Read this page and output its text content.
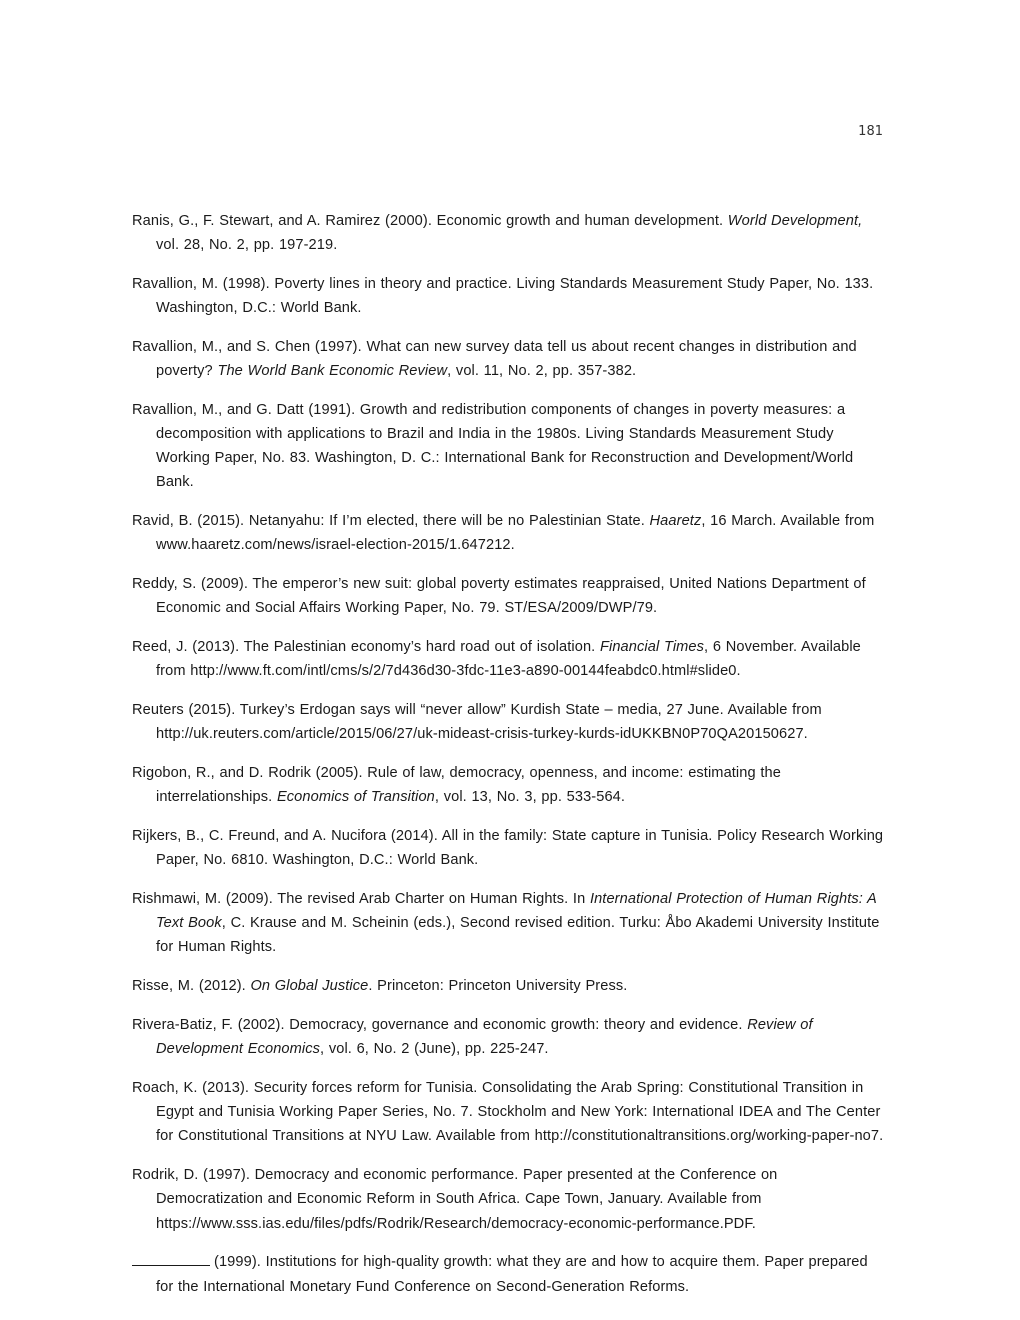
181

Ranis, G., F. Stewart, and A. Ramirez (2000). Economic growth and human development. World Development, vol. 28, No. 2, pp. 197-219.

Ravallion, M. (1998). Poverty lines in theory and practice. Living Standards Measurement Study Paper, No. 133. Washington, D.C.: World Bank.

Ravallion, M., and S. Chen (1997). What can new survey data tell us about recent changes in distribution and poverty? The World Bank Economic Review, vol. 11, No. 2, pp. 357-382.

Ravallion, M., and G. Datt (1991). Growth and redistribution components of changes in poverty measures: a decomposition with applications to Brazil and India in the 1980s. Living Standards Measurement Study Working Paper, No. 83. Washington, D. C.: International Bank for Reconstruction and Development/World Bank.

Ravid, B. (2015). Netanyahu: If I’m elected, there will be no Palestinian State. Haaretz, 16 March. Available from www.haaretz.com/news/israel-election-2015/1.647212.

Reddy, S. (2009). The emperor’s new suit: global poverty estimates reappraised, United Nations Department of Economic and Social Affairs Working Paper, No. 79. ST/ESA/2009/DWP/79.

Reed, J. (2013). The Palestinian economy’s hard road out of isolation. Financial Times, 6 November. Available from http://www.ft.com/intl/cms/s/2/7d436d30-3fdc-11e3-a890-00144feabdc0.html#slide0.

Reuters (2015). Turkey’s Erdogan says will “never allow” Kurdish State – media, 27 June. Available from http://uk.reuters.com/article/2015/06/27/uk-mideast-crisis-turkey-kurds-idUKKBN0P70QA20150627.

Rigobon, R., and D. Rodrik (2005). Rule of law, democracy, openness, and income: estimating the interrelationships. Economics of Transition, vol. 13, No. 3, pp. 533-564.

Rijkers, B., C. Freund, and A. Nucifora (2014). All in the family: State capture in Tunisia. Policy Research Working Paper, No. 6810. Washington, D.C.: World Bank.

Rishmawi, M. (2009). The revised Arab Charter on Human Rights. In International Protection of Human Rights: A Text Book, C. Krause and M. Scheinin (eds.), Second revised edition. Turku: Åbo Akademi University Institute for Human Rights.

Risse, M. (2012). On Global Justice. Princeton: Princeton University Press.

Rivera-Batiz, F. (2002). Democracy, governance and economic growth: theory and evidence. Review of Development Economics, vol. 6, No. 2 (June), pp. 225-247.

Roach, K. (2013). Security forces reform for Tunisia. Consolidating the Arab Spring: Constitutional Transition in Egypt and Tunisia Working Paper Series, No. 7. Stockholm and New York: International IDEA and The Center for Constitutional Transitions at NYU Law. Available from http://constitutionaltransitions.org/working-paper-no7.

Rodrik, D. (1997). Democracy and economic performance. Paper presented at the Conference on Democratization and Economic Reform in South Africa. Cape Town, January. Available from https://www.sss.ias.edu/files/pdfs/Rodrik/Research/democracy-economic-performance.PDF.

(1999). Institutions for high-quality growth: what they are and how to acquire them. Paper prepared for the International Monetary Fund Conference on Second-Generation Reforms.
